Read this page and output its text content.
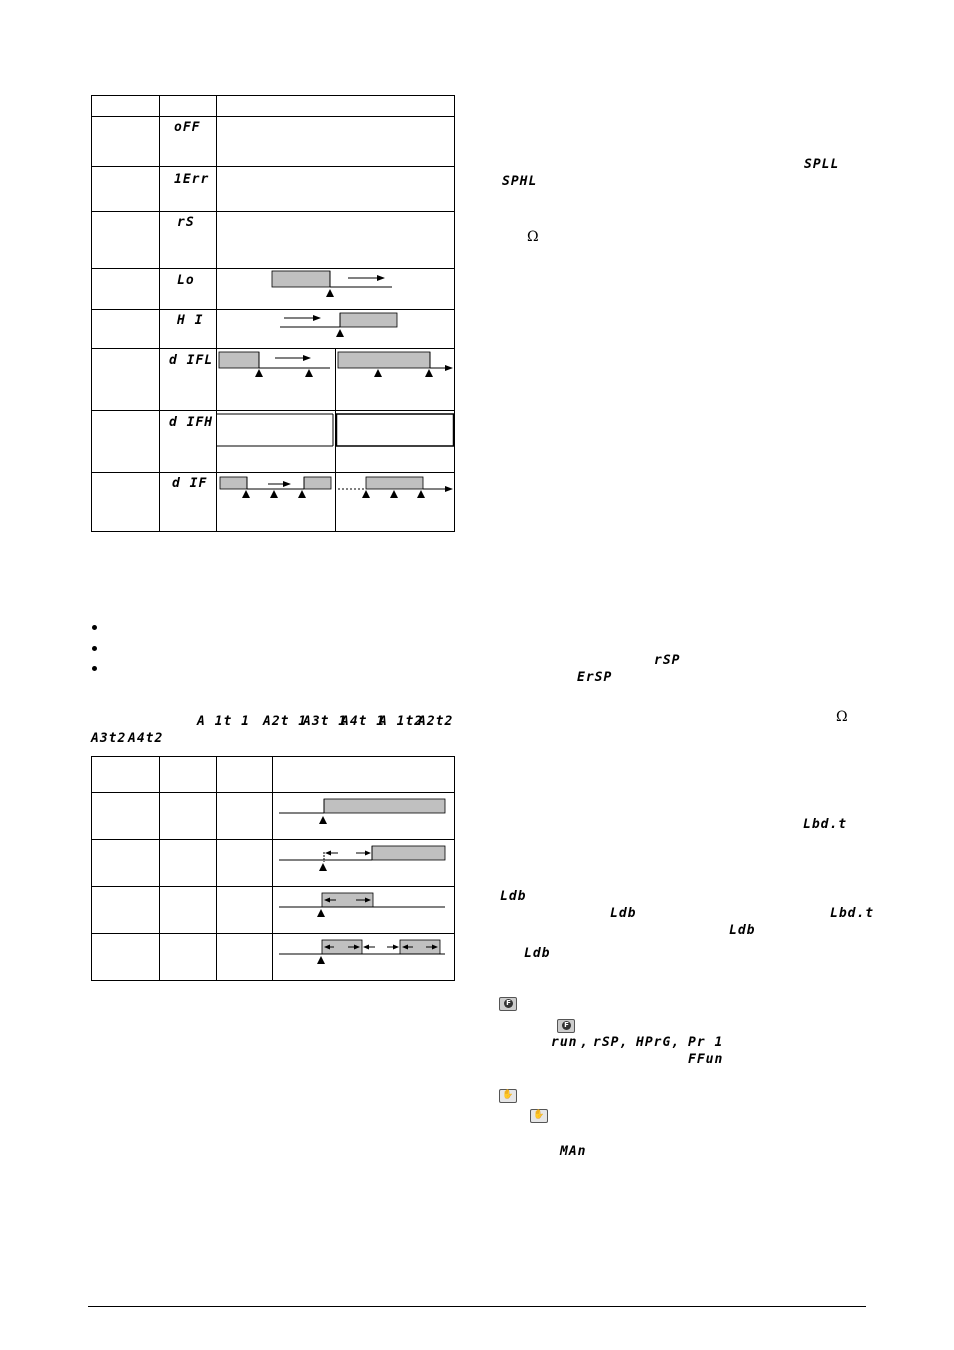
oFF
1Err
rS
Lo
H I
d IFL
d IFH
d IF
A 1t 1 A2t 1
A3t 1
A4t 1
A 1t2
A2t2
A3t2 A4t2
SPLL
SPHL
Ω
rSP
ErSP
Ω
Lbd.t
Ldb
Ldb	Lbd.t
Ldb
Ldb
F
F
run , rSP, HPrG, Pr 1
FFun
✋
✋
MAn
